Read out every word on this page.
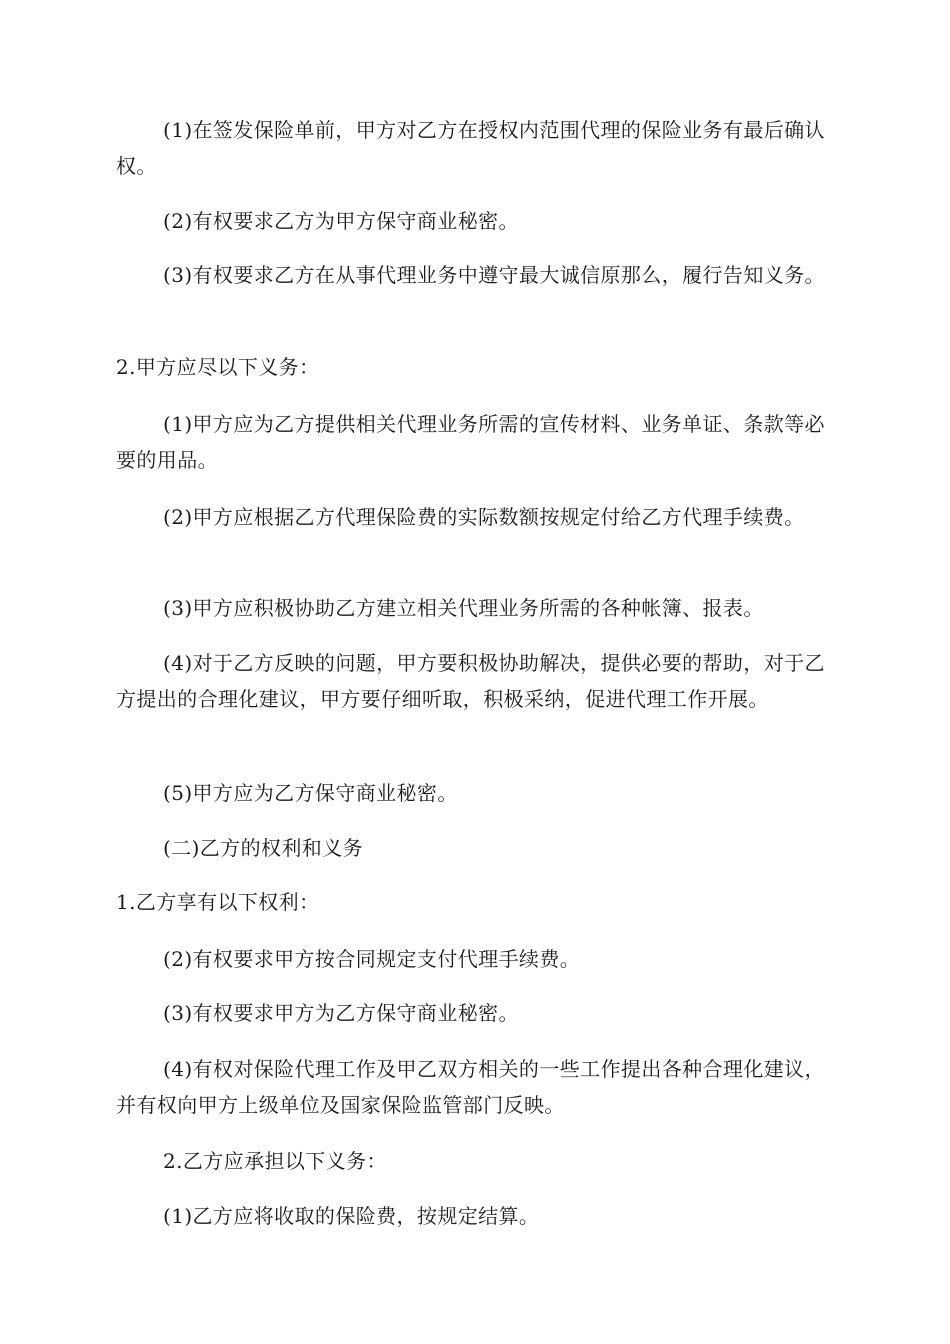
(1)在签发保险单前，甲方对乙方在授权内范围代理的保险业务有最后确认权。

(2)有权要求乙方为甲方保守商业秘密。

(3)有权要求乙方在从事代理业务中遵守最大诚信原那么，履行告知义务。

2.甲方应尽以下义务：

(1)甲方应为乙方提供相关代理业务所需的宣传材料、业务单证、条款等必要的用品。

(2)甲方应根据乙方代理保险费的实际数额按规定付给乙方代理手续费。

(3)甲方应积极协助乙方建立相关代理业务所需的各种帐簿、报表。

(4)对于乙方反映的问题，甲方要积极协助解决，提供必要的帮助，对于乙方提出的合理化建议，甲方要仔细听取，积极采纳，促进代理工作开展。

(5)甲方应为乙方保守商业秘密。

(二)乙方的权利和义务

1.乙方享有以下权利：

(2)有权要求甲方按合同规定支付代理手续费。

(3)有权要求甲方为乙方保守商业秘密。

(4)有权对保险代理工作及甲乙双方相关的一些工作提出各种合理化建议，并有权向甲方上级单位及国家保险监管部门反映。

2.乙方应承担以下义务：

(1)乙方应将收取的保险费，按规定结算。
